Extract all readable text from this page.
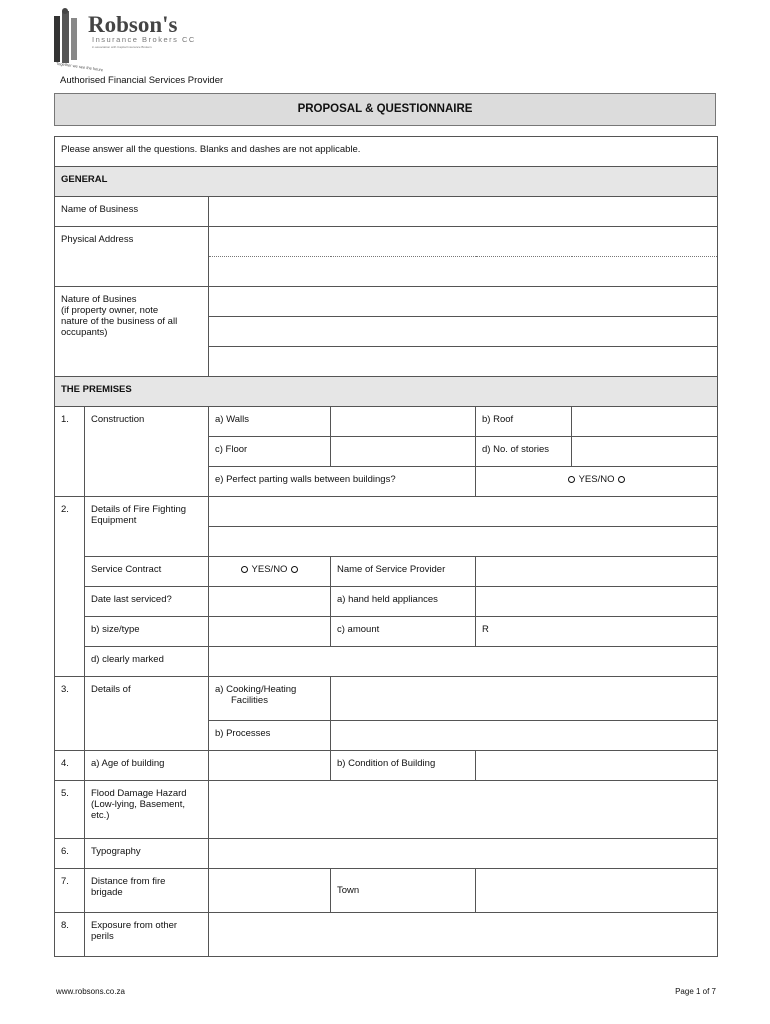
Robson's
Insurance Brokers CC
in association with Capital Insurance Brokers
Together we see the future
Authorised Financial Services Provider
PROPOSAL & QUESTIONNAIRE
Please answer all the questions. Blanks and dashes are not applicable.					
GENERAL					
Name of Business					
Physical Address					

Nature of Busines
(if property owner, note
nature of the business of all
occupants)					

THE PREMISES					
1.	Construction	a) Walls		b) Roof	
		c) Floor		d) No. of stories	
		e) Perfect parting walls between buildings?		YES/NO	
2.	Details of Fire Fighting
Equipment				

	Service Contract	YES/NO	Name of Service Provider		
	Date last serviced?		a) hand held appliances		
	b) size/type		c) amount	R	
	d) clearly marked				
3.	Details of	a) Cooking/Heating
Facilities			

		b) Processes			
4.	a) Age of building		b) Condition of Building		
5.	Flood Damage Hazard
(Low-lying, Basement,
etc.)				

6.	Typography				
7.	Distance from fire
brigade		Town		
8.	Exposure from other
perils				

www.robsons.co.za	Page 1 of 7
